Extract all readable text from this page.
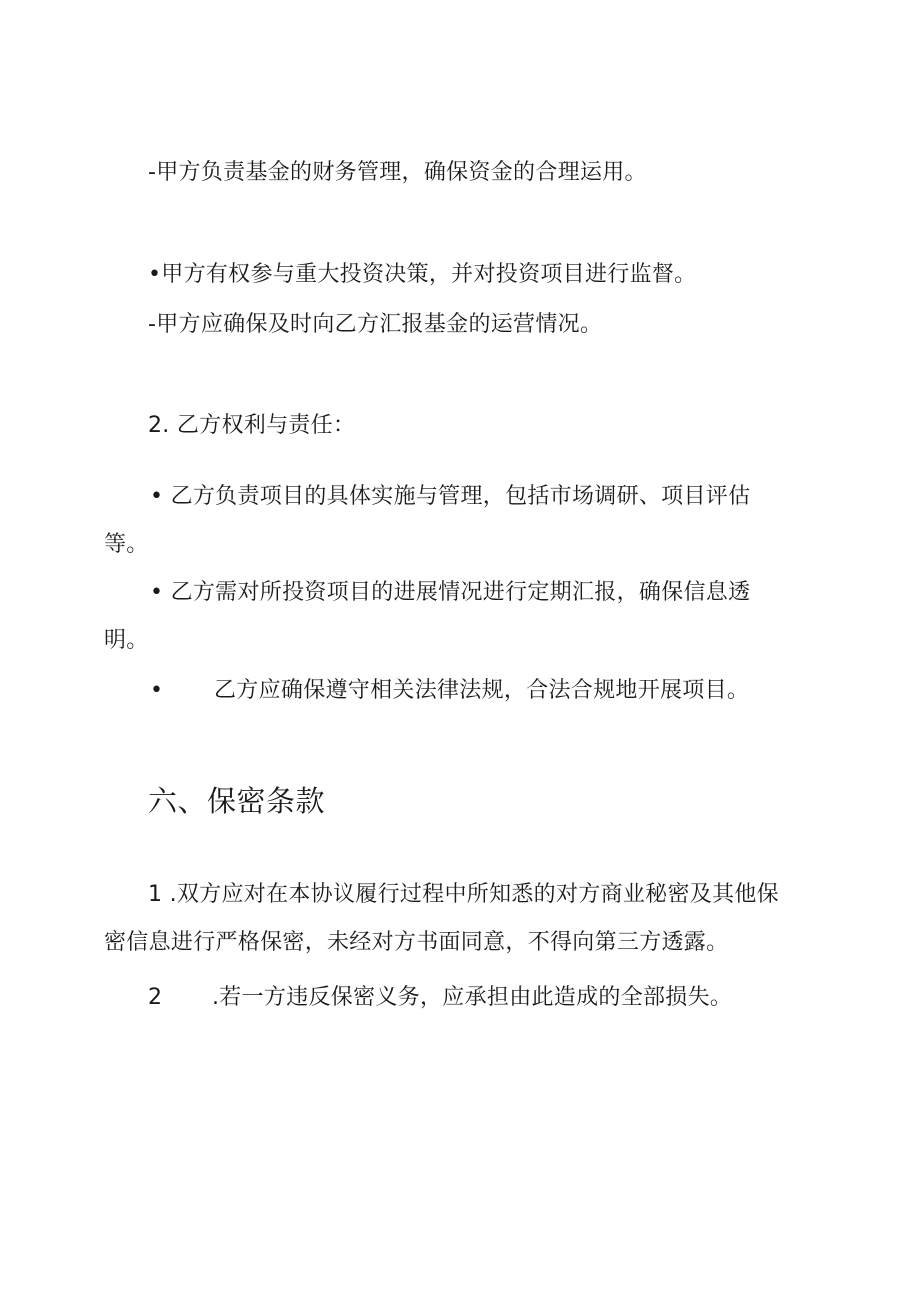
-甲方负责基金的财务管理，确保资金的合理运用。
•甲方有权参与重大投资决策，并对投资项目进行监督。
-甲方应确保及时向乙方汇报基金的运营情况。
2. 乙方权利与责任：
• 乙方负责项目的具体实施与管理，包括市场调研、项目评估
等。
• 乙方需对所投资项目的进展情况进行定期汇报，确保信息透
明。
• 乙方应确保遵守相关法律法规，合法合规地开展项目。
六、保密条款
1 .双方应对在本协议履行过程中所知悉的对方商业秘密及其他保
密信息进行严格保密，未经对方书面同意，不得向第三方透露。
2 .若一方违反保密义务，应承担由此造成的全部损失。
